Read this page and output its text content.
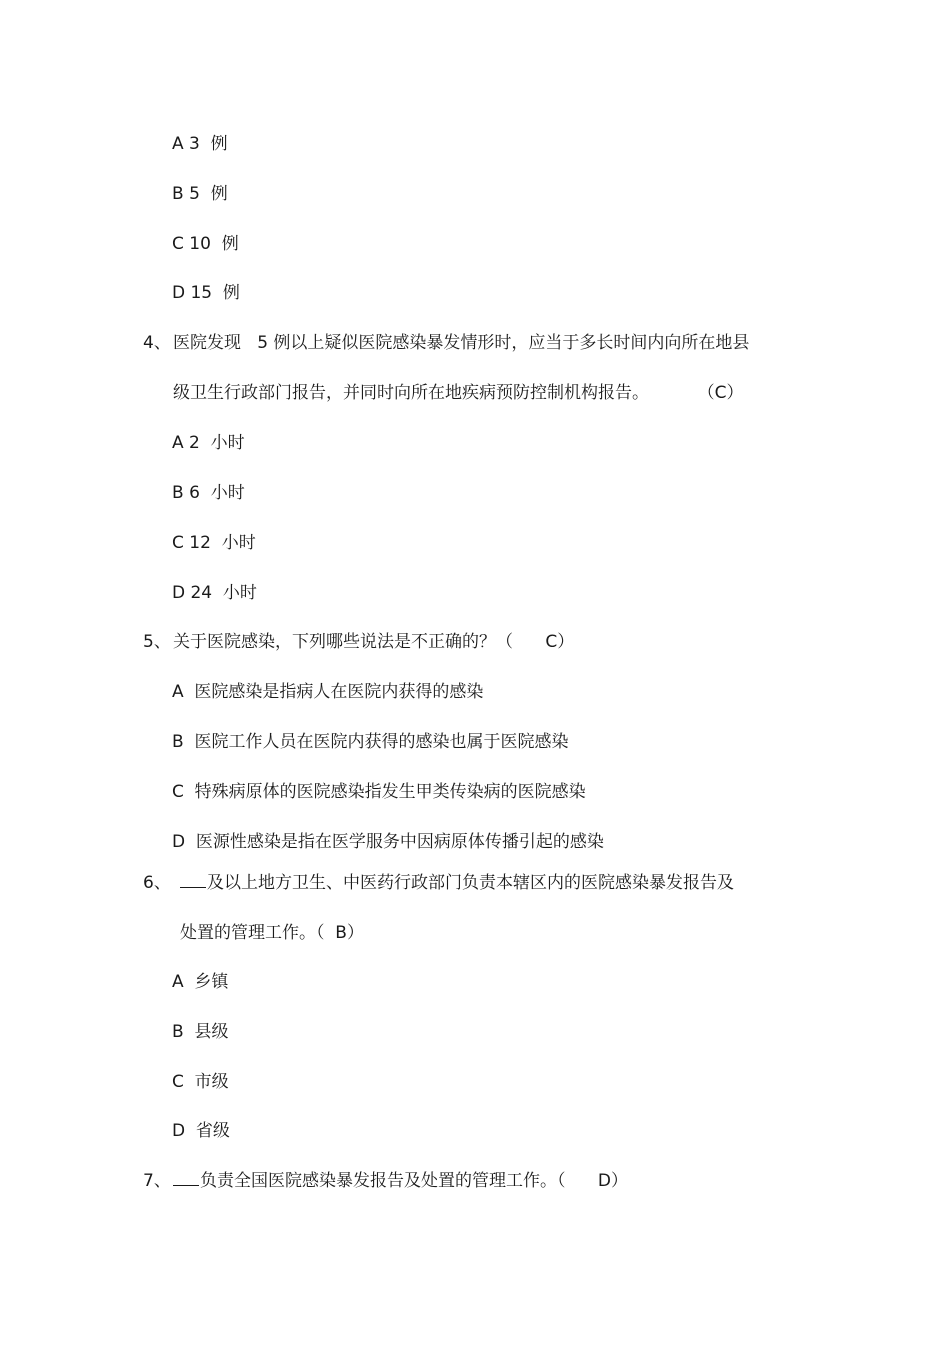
A 3  例
B 5  例
C 10  例
D 15  例
4、 医院发现   5 例以上疑似医院感染暴发情形时，应当于多长时间内向所在地县
级卫生行政部门报告，并同时向所在地疾病预防控制机构报告。         （C）
A 2  小时
B 6  小时
C 12  小时
D 24  小时
5、 关于医院感染，下列哪些说法是不正确的？（      C）
A  医院感染是指病人在医院内获得的感染
B  医院工作人员在医院内获得的感染也属于医院感染
C  特殊病原体的医院感染指发生甲类传染病的医院感染
D  医源性感染是指在医学服务中因病原体传播引起的感染
6、	及以上地方卫生、中医药行政部门负责本辖区内的医院感染暴发报告及
处置的管理工作。（  B）
A  乡镇
B  县级
C  市级
D  省级
7、	负责全国医院感染暴发报告及处置的管理工作。（      D）
